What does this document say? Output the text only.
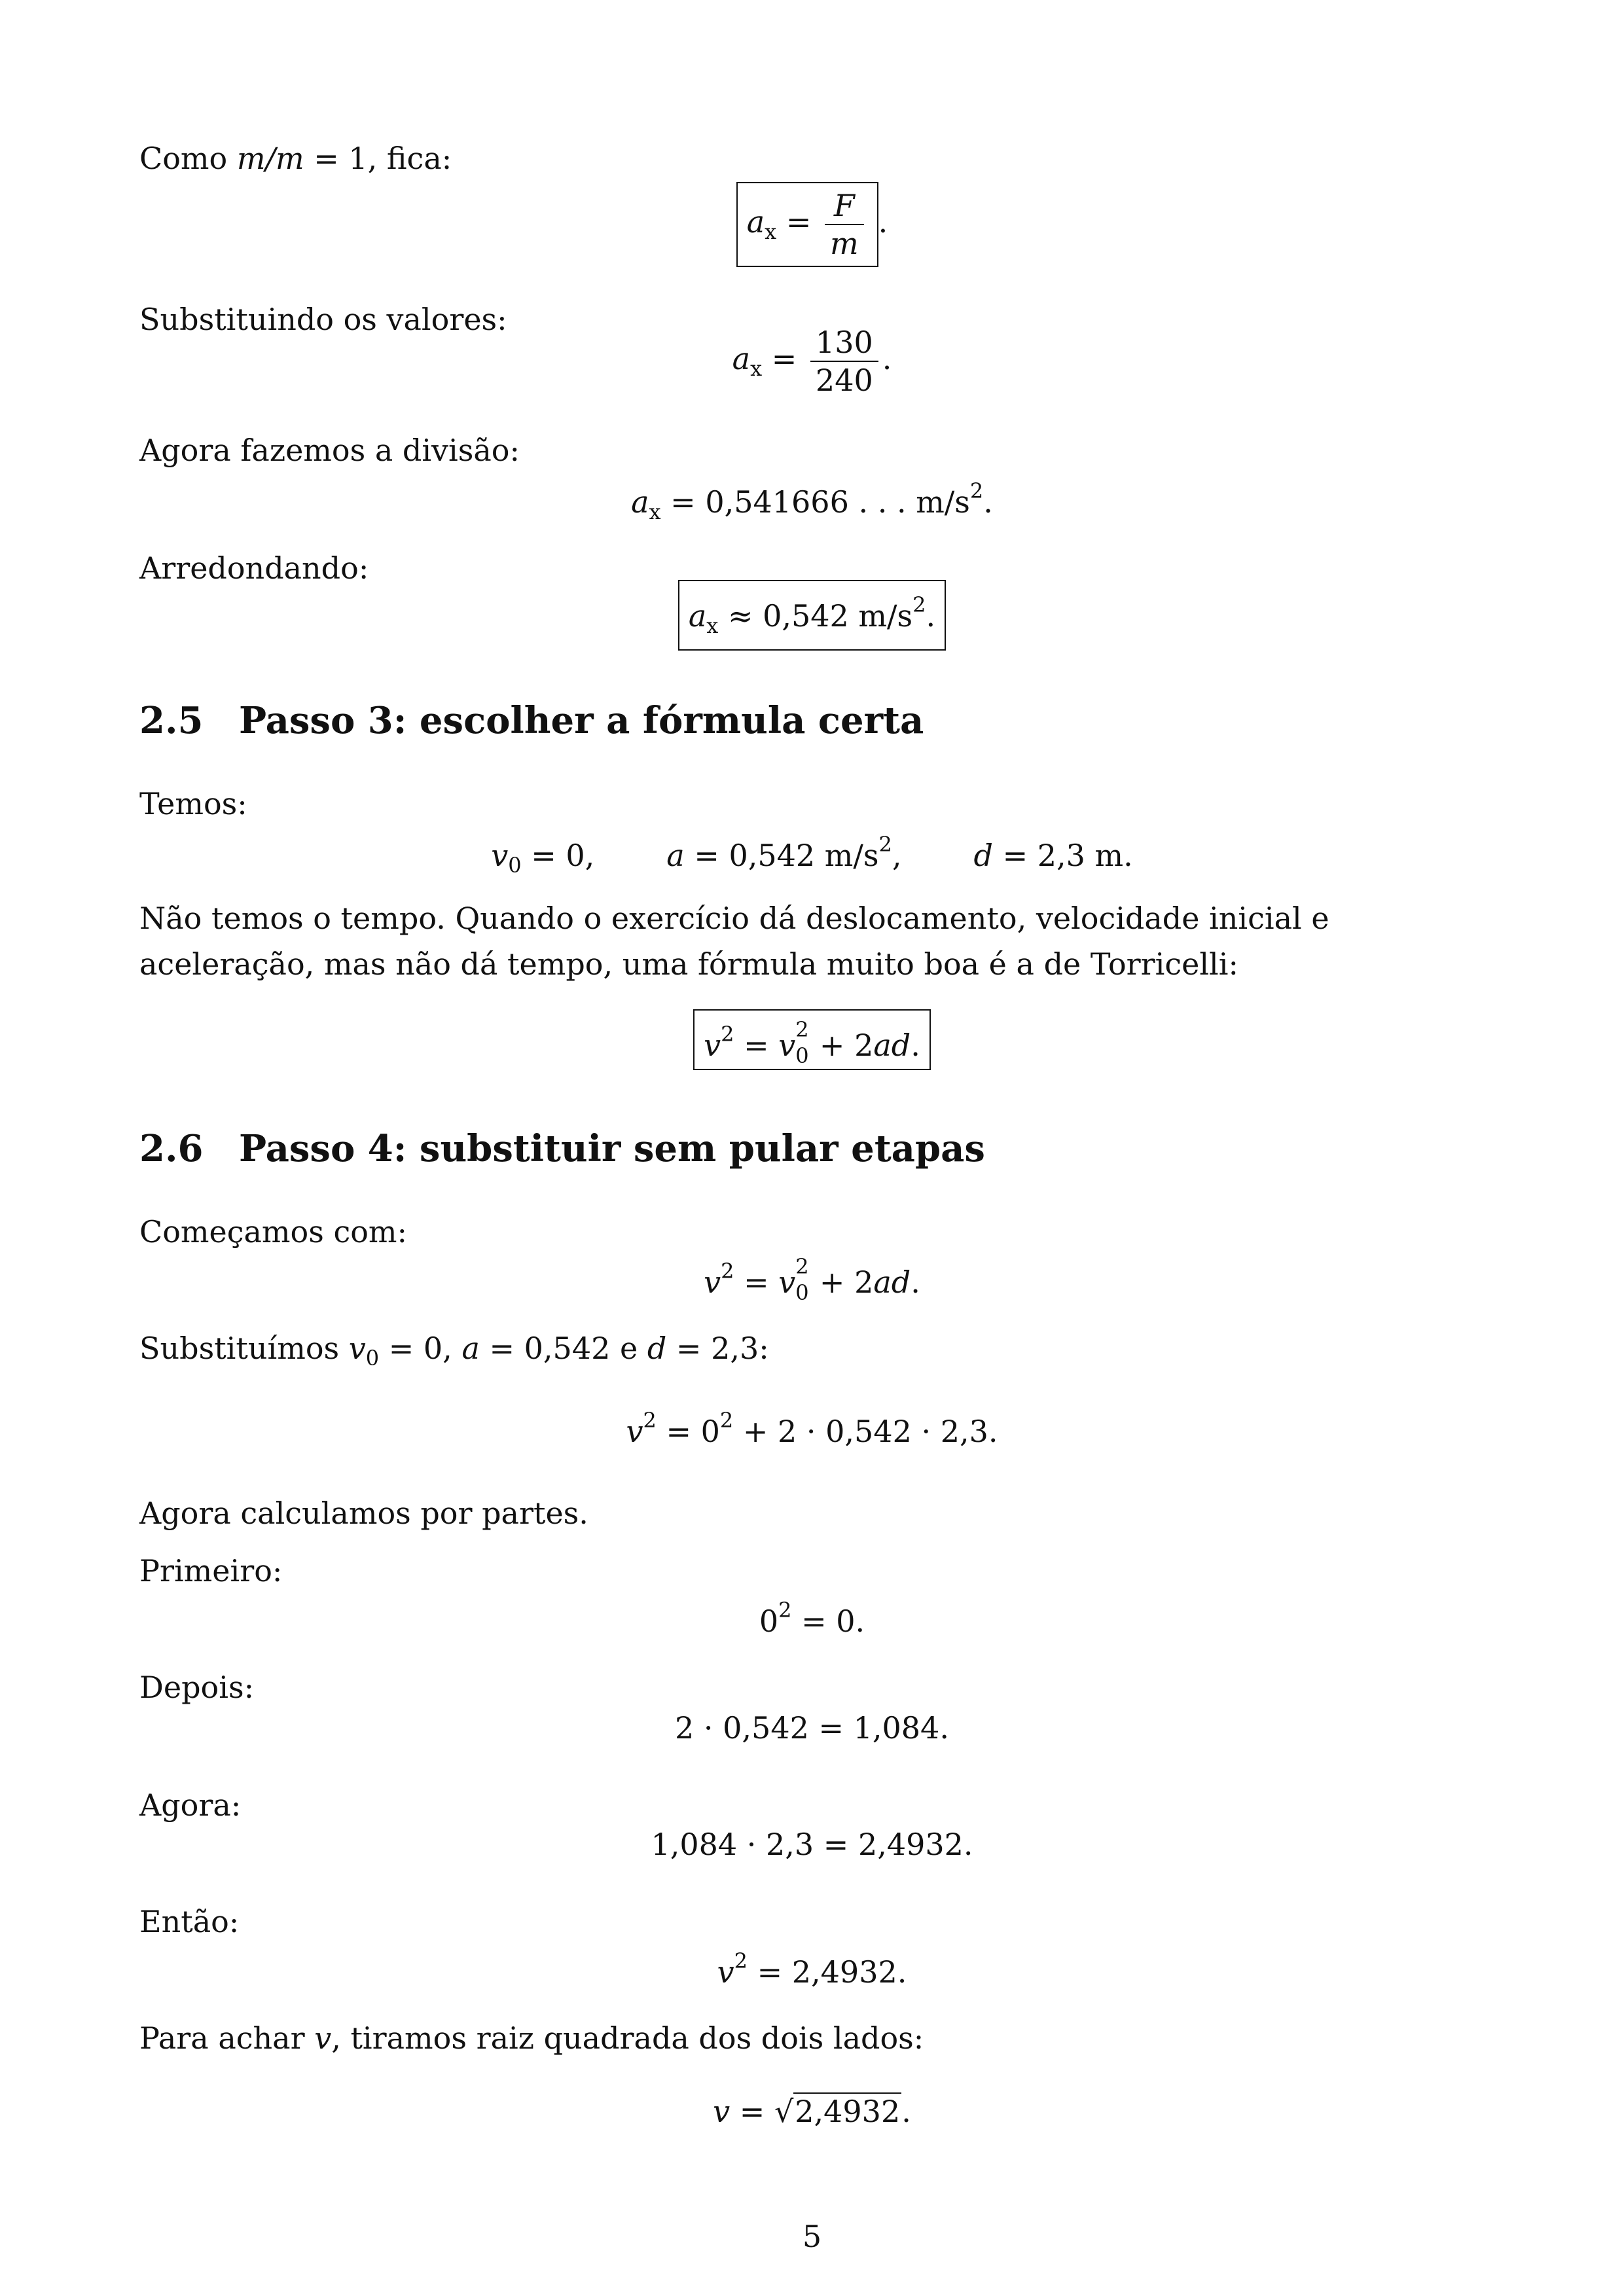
Como m/m = 1, fica:
$a_x = \frac{F}{m}$ .
Substituindo os valores:
$a_x = \frac{130}{240}$ .
Agora fazemos a divisão:
$a_x = 0,541666$ . . . $m/s^2$.
Arredondando:
$a_x \approx 0,542$ $m/s^2$.
2.5 Passo 3: escolher a fórmula certa
Temos:
$v_0 = 0$, a = 0,542 $m/s^2$, d = 2,3 m.
Não temos o tempo. Quando o exercício dá deslocamento, velocidade inicial e aceleração, mas não dá tempo, uma fórmula muito boa é a de Torricelli:
$v^2 = v$ 2
0 + 2ad.
2.6 Passo 4: substituir sem pular etapas
Começamos com:
$v^2 = v$ 2
0 + 2ad.
Substituímos $v_0 = 0$, a = 0,542 e d = 2,3:
$v^2 = 0^2 + 2 \cdot 0,542 \cdot 2,3$.
Agora calculamos por partes.
Primeiro:
$0^2 = 0$.
Depois:
2 · 0,542 = 1,084.
Agora:
1,084 · 2,3 = 2,4932.
Então:
$v^2 = 2,4932$.
Para achar v, tiramos raiz quadrada dos dois lados:
v = √2,4932.
5
